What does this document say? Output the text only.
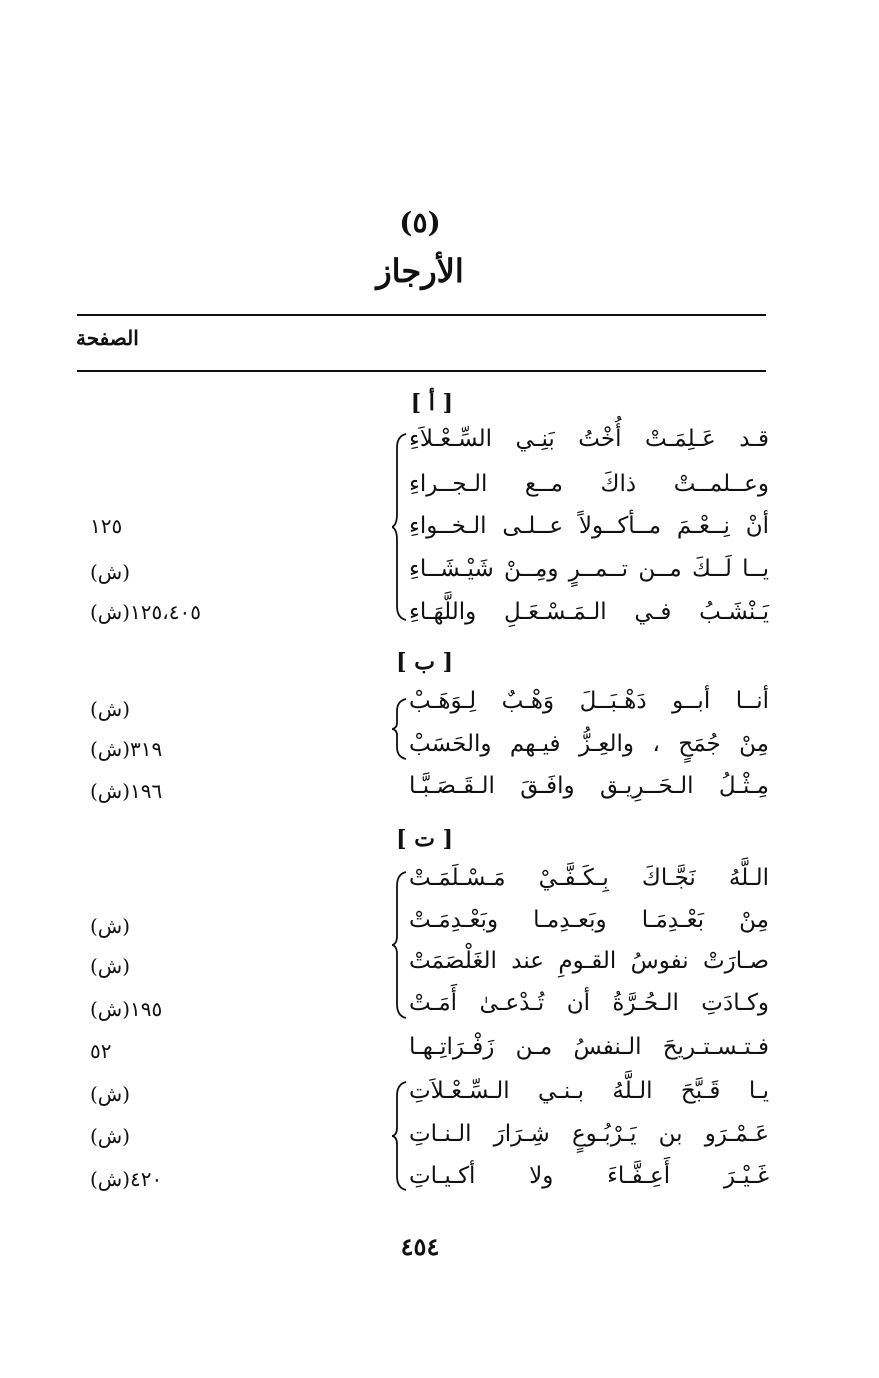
(٥)
الأرجاز
الصفحة
[ أ ]
قـد عَـلِمَـتْ أُخْتُ بَنِـي السِّـعْـلاَءِ
وعــلمــتْ ذاكَ مــع الـجــراءِ
أنْ نِــعْـمَ مــأكــولاً عــلـى الـخــواءِ
يــا لَــكَ مــن تــمــرٍ ومِــنْ شَيْـشَــاءِ
يَـنْشَـبُ فـي الـمَـسْـعَـلِ واللَّهَـاءِ
١٢٥
(ش)
١٢٥،٤٠٥(ش)
[ ب ]
أنــا أبــو دَهْـبَــلَ وَهْـبٌ لِـوَهَـبْ
مِنْ جُمَحٍ ، والعِـزُّ فيـهم والحَسَبْ
مِـثْـلُ الـحَــرِيـق وافَـقَ الـقَـصَـبَّـا
(ش)
٣١٩(ش)
١٩٦(ش)
[ ت ]
الـلَّهُ نَجَّـاكَ بِـكَـفَّـيْ مَـسْـلَمَـتْ
مِنْ بَعْـدِمَـا وبَعـدِمـا وبَعْـدِمَـتْ
صـارَتْ نفوسُ القـومِ عند الغَلْصَمَتْ
وكـادَتِ الـحُـرَّةُ أن تُـدْعـىٰ أَمَـتْ
فـتـسـتـريحَ الـنفسُ مـن زَفْـرَاتِـهـا
يـا قَـبَّحَ الـلَّهُ بـنـي الـسِّـعْـلاَتِ
عَـمْـرَو بن يَـرْبُـوعٍ شِـرَارَ الـنـاتِ
غَـيْـرَ أَعِـفَّـاءَ ولا أكـيـاتِ
(ش)
(ش)
١٩٥(ش)
٥٢
(ش)
(ش)
٤٢٠(ش)
٤٥٤
